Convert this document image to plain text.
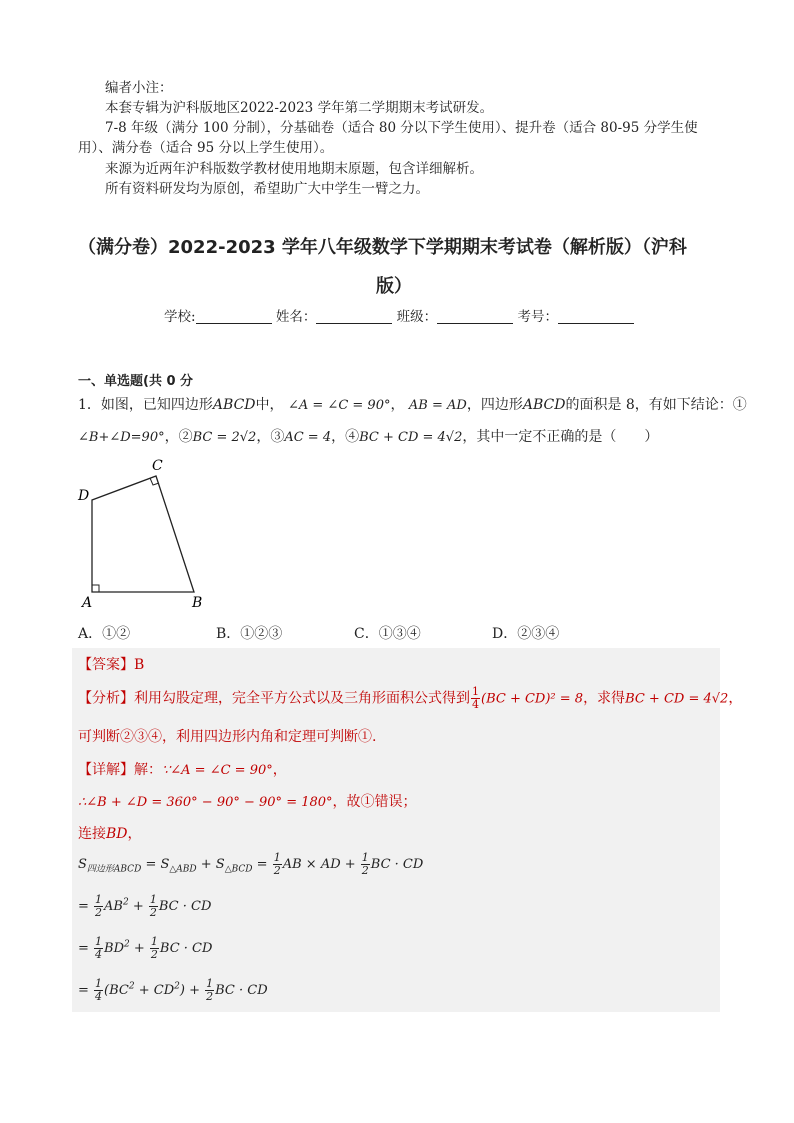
编者小注：
本套专辑为沪科版地区2022-2023 学年第二学期期末考试研发。
7-8 年级（满分 100 分制），分基础卷（适合 80 分以下学生使用）、提升卷（适合 80-95 分学生使
用）、满分卷（适合 95 分以上学生使用）。
来源为近两年沪科版数学教材使用地期末原题，包含详细解析。
所有资料研发均为原创，希望助广大中学生一臂之力。
（满分卷）2022-2023 学年八年级数学下学期期末考试卷（解析版）（沪科
版）
学校:	姓名：	班级：	考号：
一、单选题(共 0 分
1．如图，已知四边形ABCD中， ∠A = ∠C = 90°， AB = AD，四边形ABCD的面积是 8，有如下结论：①
∠B+∠D=90°，②BC = 2√2，③AC = 4，④BC + CD = 4√2，其中一定不正确的是（　　）
D
C
A	B
A．①②	B．①②③	C．①③④	D．②③④
【答案】B
【分析】利用勾股定理，完全平方公式以及三角形面积公式得到 $\frac{1}{4} (BC + CD)^2 = 8$，求得BC + CD = 4√2，
可判断②③④，利用四边形内角和定理可判断①.
【详解】解：∵∠A = ∠C = 90°，
∴∠B + ∠D = 360° − 90° − 90° = 180°，故①错误；
连接BD，
$S_{四边形ABCD} = S_{\triangle ABD} + S_{\triangle BCD} = \frac{1}{2}$ AB × AD + $\frac{1}{2}$ BC · CD
= $\frac{1}{2} AB^2 + \frac{1}{2}$ BC · CD
= $\frac{1}{4} BD^2 + \frac{1}{2}$ BC · CD
= $\frac{1}{4} (BC^2 + CD^2) + \frac{1}{2}$ BC · CD
